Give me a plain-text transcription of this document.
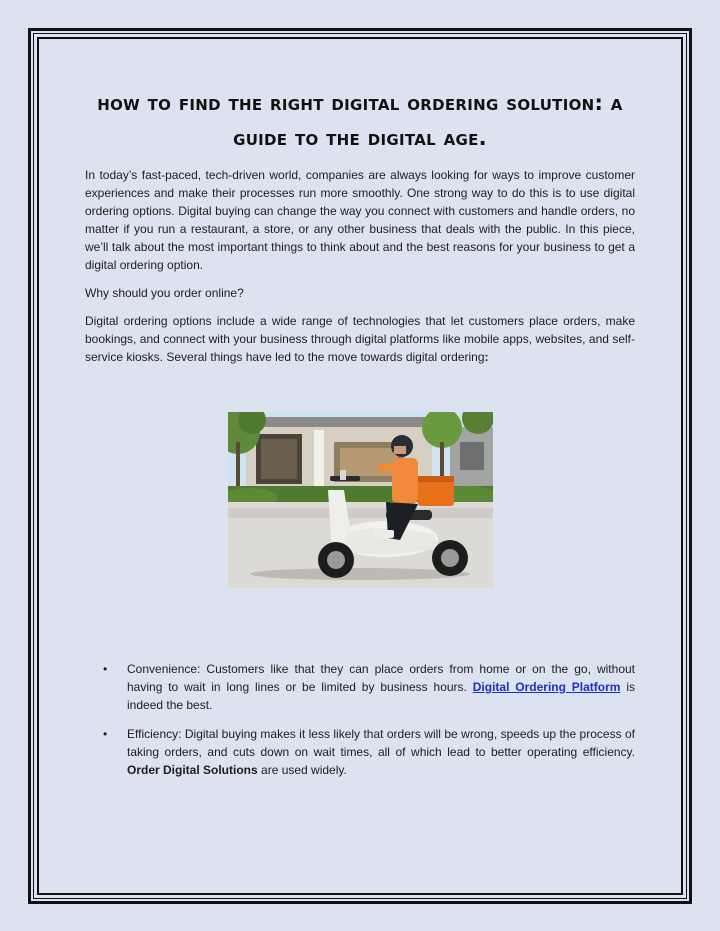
how to find the right digital ordering solution: a guide to the digital age.

In today’s fast-paced, tech-driven world, companies are always looking for ways to improve customer experiences and make their processes run more smoothly. One strong way to do this is to use digital ordering options. Digital buying can change the way you connect with customers and handle orders, no matter if you run a restaurant, a store, or any other business that deals with the public. In this piece, we’ll talk about the most important things to think about and the best reasons for your business to get a digital ordering option.

Why should you order online?

Digital ordering options include a wide range of technologies that let customers place orders, make bookings, and connect with your business through digital platforms like mobile apps, websites, and self-service kiosks. Several things have led to the move towards digital ordering:

• Convenience: Customers like that they can place orders from home or on the go, without having to wait in long lines or be limited by business hours. Digital Ordering Platform is indeed the best.
• Efficiency: Digital buying makes it less likely that orders will be wrong, speeds up the process of taking orders, and cuts down on wait times, all of which lead to better operating efficiency. Order Digital Solutions are used widely.
